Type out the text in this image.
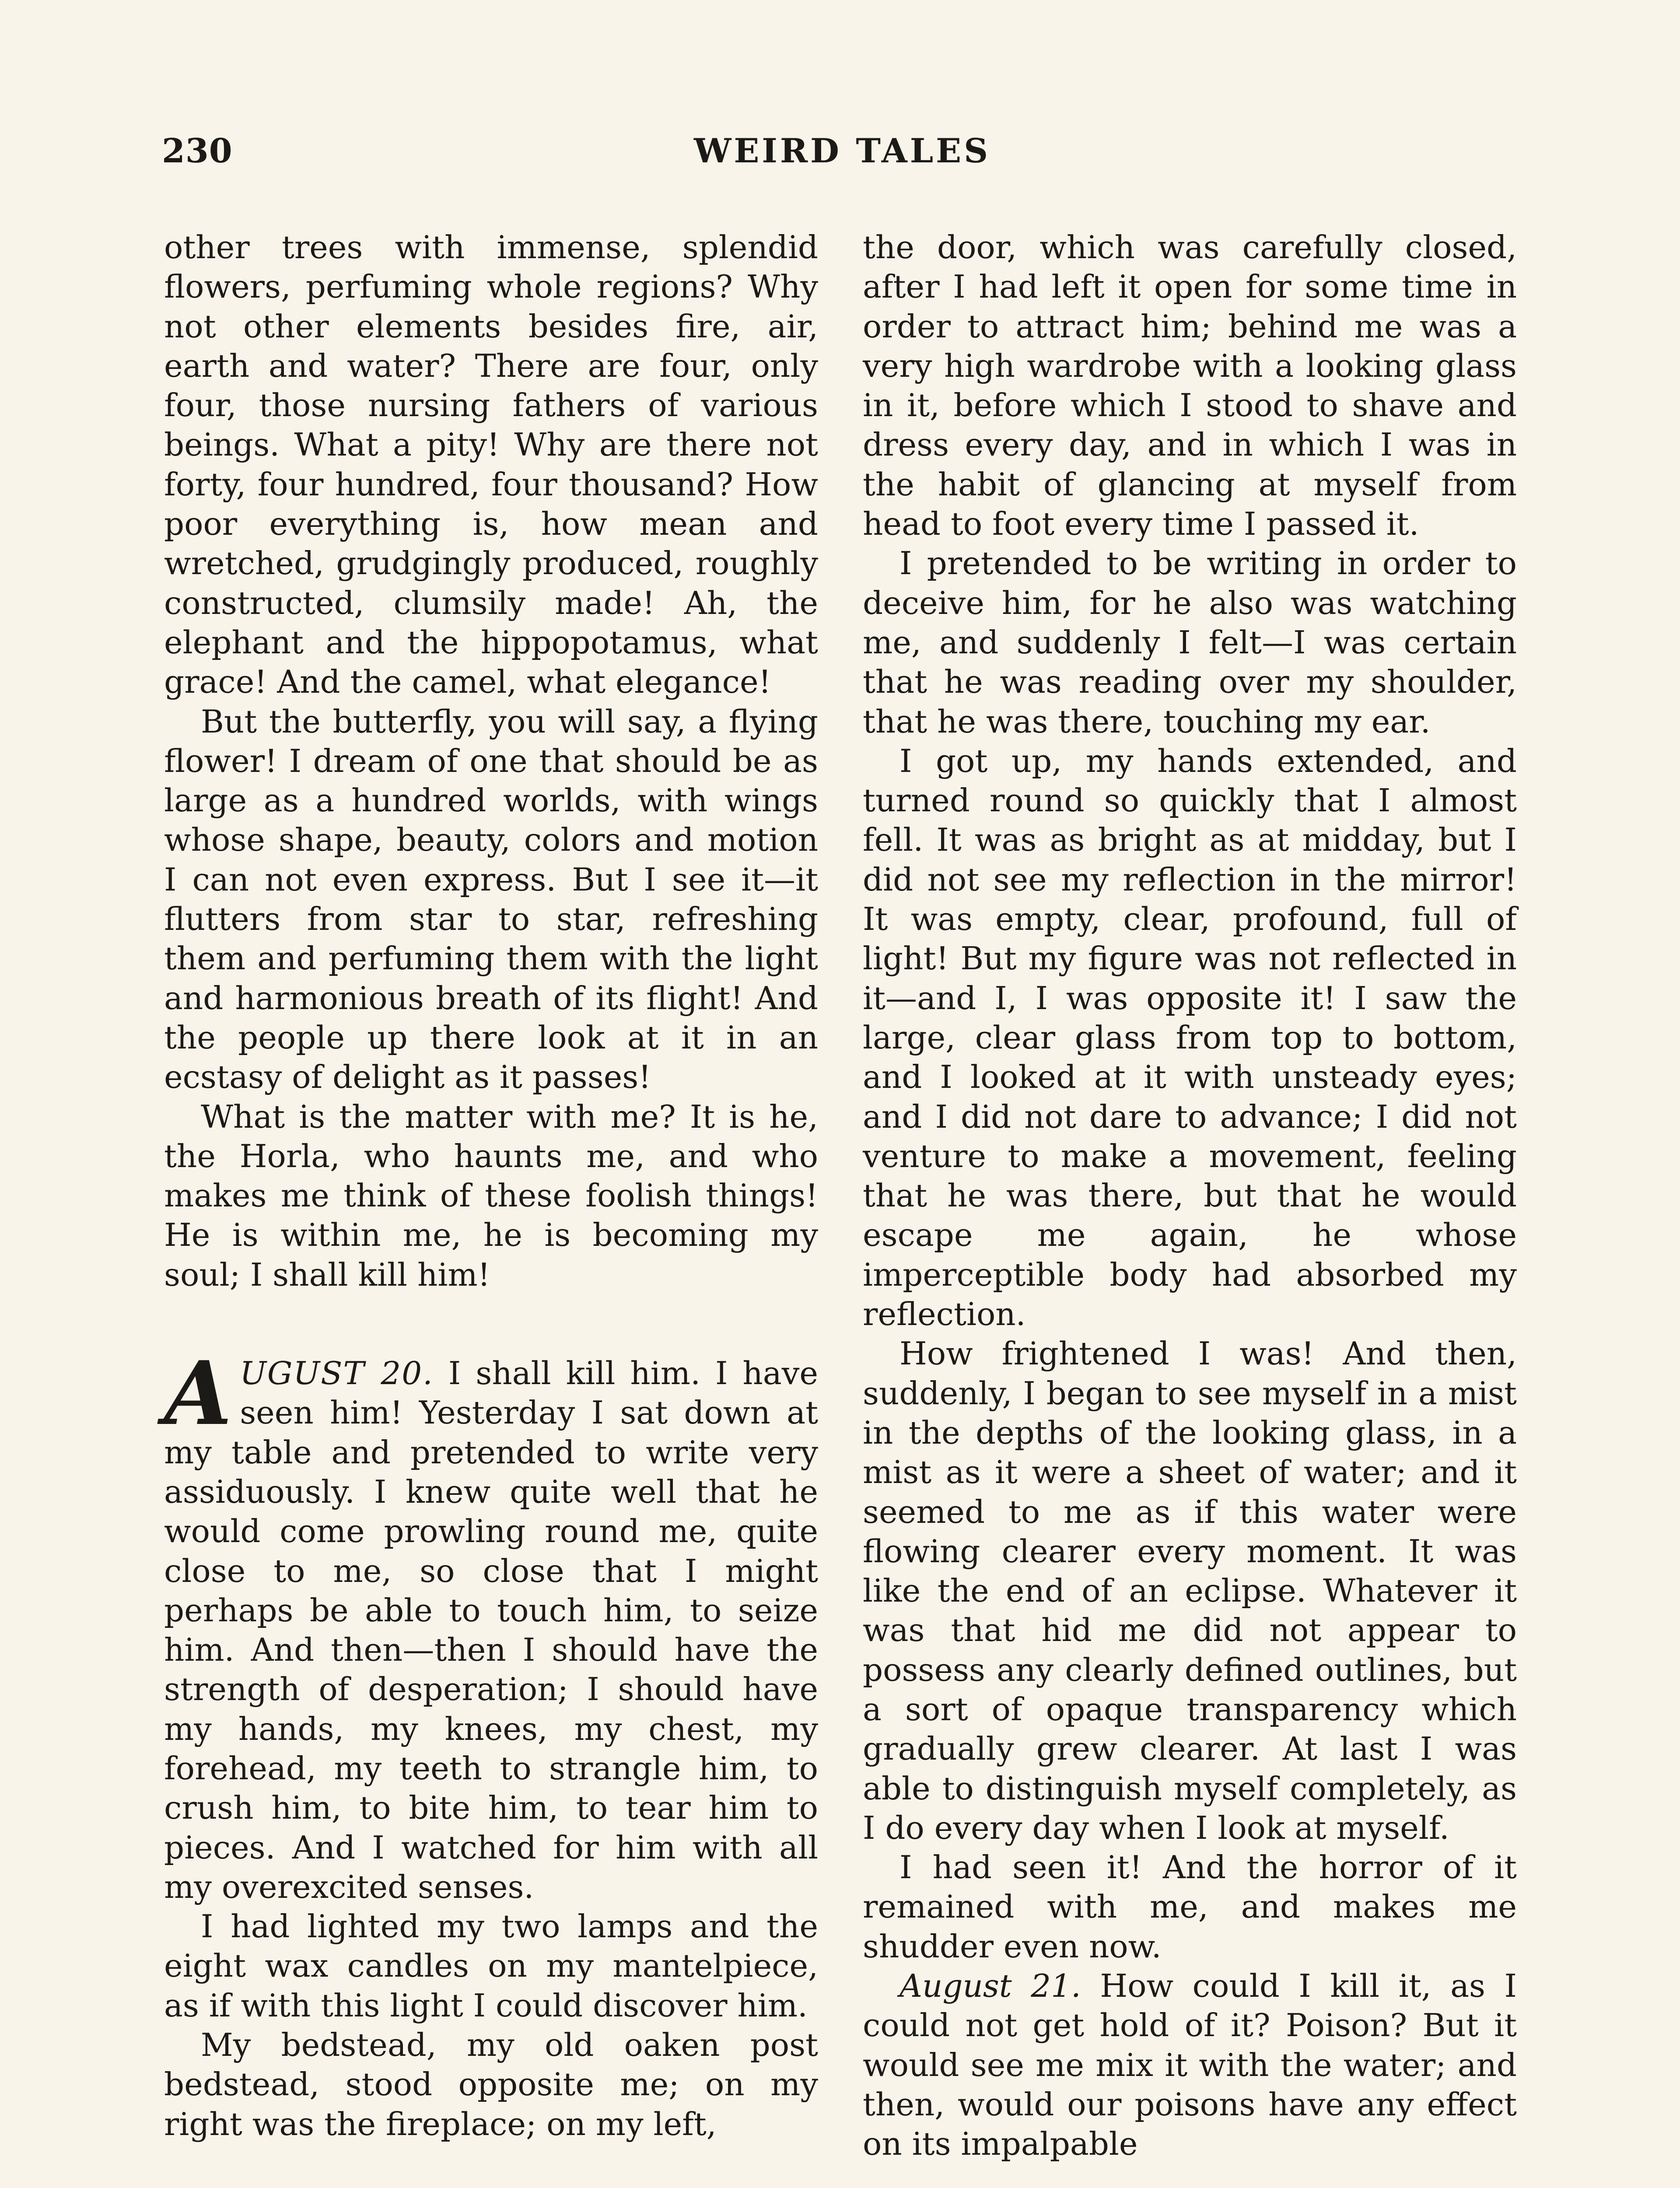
230	WEIRD TALES

other trees with immense, splendid flowers, perfuming whole regions? Why not other elements besides fire, air, earth and water? There are four, only four, those nursing fathers of various beings. What a pity! Why are there not forty, four hundred, four thousand? How poor everything is, how mean and wretched, grudgingly produced, roughly constructed, clumsily made! Ah, the elephant and the hippopotamus, what grace! And the camel, what elegance!

But the butterfly, you will say, a flying flower! I dream of one that should be as large as a hundred worlds, with wings whose shape, beauty, colors and motion I can not even express. But I see it—it flutters from star to star, refreshing them and perfuming them with the light and harmonious breath of its flight! And the people up there look at it in an ecstasy of delight as it passes!

What is the matter with me? It is he, the Horla, who haunts me, and who makes me think of these foolish things! He is within me, he is becoming my soul; I shall kill him!

AUGUST 20. I shall kill him. I have seen him! Yesterday I sat down at my table and pretended to write very assiduously. I knew quite well that he would come prowling round me, quite close to me, so close that I might perhaps be able to touch him, to seize him. And then—then I should have the strength of desperation; I should have my hands, my knees, my chest, my forehead, my teeth to strangle him, to crush him, to bite him, to tear him to pieces. And I watched for him with all my overexcited senses.

I had lighted my two lamps and the eight wax candles on my mantelpiece, as if with this light I could discover him.

My bedstead, my old oaken post bedstead, stood opposite me; on my right was the fireplace; on my left,

the door, which was carefully closed, after I had left it open for some time in order to attract him; behind me was a very high wardrobe with a looking glass in it, before which I stood to shave and dress every day, and in which I was in the habit of glancing at myself from head to foot every time I passed it.

I pretended to be writing in order to deceive him, for he also was watching me, and suddenly I felt—I was certain that he was reading over my shoulder, that he was there, touching my ear.

I got up, my hands extended, and turned round so quickly that I almost fell. It was as bright as at midday, but I did not see my reflection in the mirror! It was empty, clear, profound, full of light! But my figure was not reflected in it—and I, I was opposite it! I saw the large, clear glass from top to bottom, and I looked at it with unsteady eyes; and I did not dare to advance; I did not venture to make a movement, feeling that he was there, but that he would escape me again, he whose imperceptible body had absorbed my reflection.

How frightened I was! And then, suddenly, I began to see myself in a mist in the depths of the looking glass, in a mist as it were a sheet of water; and it seemed to me as if this water were flowing clearer every moment. It was like the end of an eclipse. Whatever it was that hid me did not appear to possess any clearly defined outlines, but a sort of opaque transparency which gradually grew clearer. At last I was able to distinguish myself completely, as I do every day when I look at myself.

I had seen it! And the horror of it remained with me, and makes me shudder even now.

August 21. How could I kill it, as I could not get hold of it? Poison? But it would see me mix it with the water; and then, would our poisons have any effect on its impalpable
